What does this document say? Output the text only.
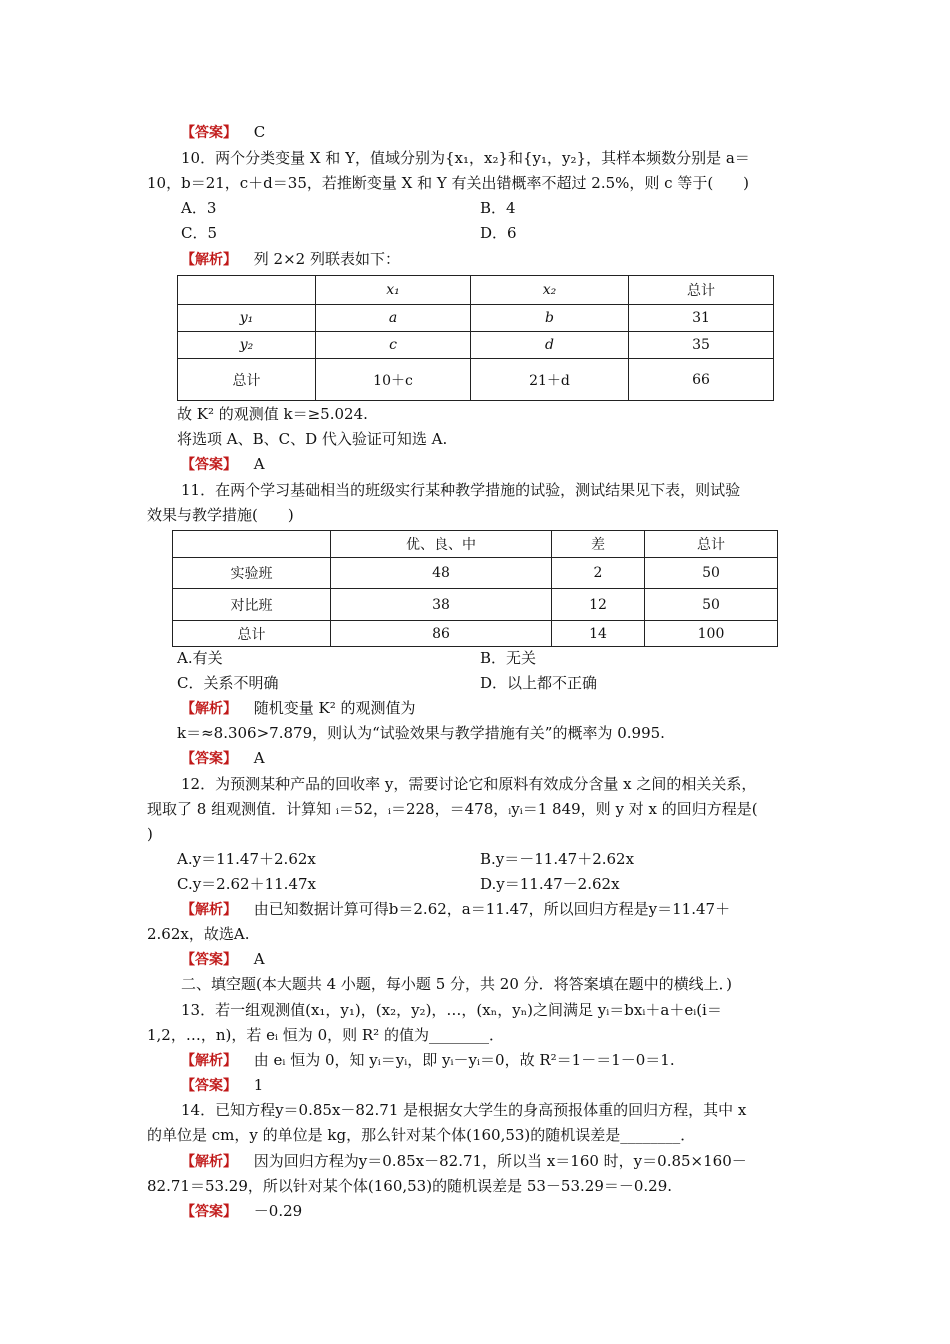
【答案】 C
10．两个分类变量 X 和 Y，值域分别为{x₁，x₂}和{y₁，y₂}，其样本频数分别是 a＝
10，b＝21，c＋d＝35，若推断变量 X 和 Y 有关出错概率不超过 2.5%，则 c 等于(　　)
A．3	B．4
C．5	D．6
【解析】 列 2×2 列联表如下：
	x₁	x₂	总计
y₁	a	b	31
y₂	c	d	35
总计	10＋c	21＋d	66
故 K² 的观测值 k＝≥5.024.
将选项 A、B、C、D 代入验证可知选 A.
【答案】 A
11．在两个学习基础相当的班级实行某种教学措施的试验，测试结果见下表，则试验
效果与教学措施(　　)
	优、良、中	差	总计
实验班	48	2	50
对比班	38	12	50
总计	86	14	100
A.有关	B．无关
C．关系不明确	D．以上都不正确
【解析】 随机变量 K² 的观测值为
k＝≈8.306>7.879，则认为“试验效果与教学措施有关”的概率为 0.995.
【答案】 A
12．为预测某种产品的回收率 y，需要讨论它和原料有效成分含量 x 之间的相关关系，
现取了 8 组观测值．计算知 ᵢ＝52，ᵢ＝228，＝478，ᵢyᵢ＝1 849，则 y 对 x 的回归方程是(
)
A.y＝11.47＋2.62x	B.y＝－11.47＋2.62x
C.y＝2.62＋11.47x	D.y＝11.47－2.62x
【解析】 由已知数据计算可得b＝2.62，a＝11.47，所以回归方程是y＝11.47＋
2.62x，故选A.
【答案】 A
二、填空题(本大题共 4 小题，每小题 5 分，共 20 分．将答案填在题中的横线上．)
13．若一组观测值(x₁，y₁)，(x₂，y₂)，…，(xₙ，yₙ)之间满足 yᵢ＝bxᵢ＋a＋eᵢ(i＝
1,2，…，n)，若 eᵢ 恒为 0，则 R² 的值为________．
【解析】 由 eᵢ 恒为 0，知 yᵢ＝yᵢ，即 yᵢ－yᵢ＝0，故 R²＝1－＝1－0＝1.
【答案】 1
14．已知方程y＝0.85x－82.71 是根据女大学生的身高预报体重的回归方程，其中 x
的单位是 cm，y 的单位是 kg，那么针对某个体(160,53)的随机误差是________．
【解析】 因为回归方程为y＝0.85x－82.71，所以当 x＝160 时，y＝0.85×160－
82.71＝53.29，所以针对某个体(160,53)的随机误差是 53－53.29＝－0.29.
【答案】 －0.29
